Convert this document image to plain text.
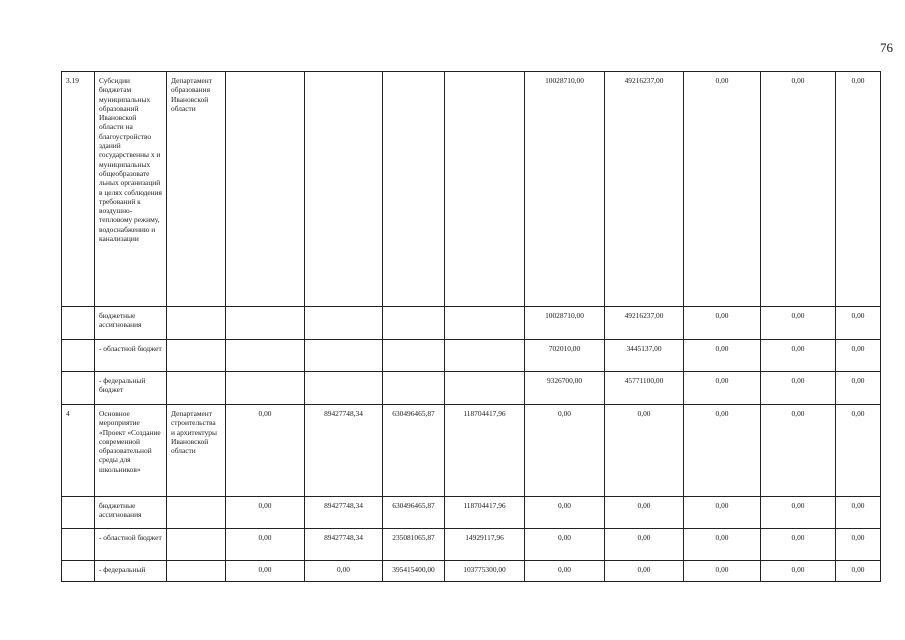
76
3.19	Субсидии бюджетам муниципальных образований Ивановской области на благоустройство зданий государственны х и муниципальных общеобразовате льных организаций в целях соблюдения требований к воздушно-тепловому режиму, водоснабжению и канализации	Департамент образования Ивановской области					10028710,00	49216237,00	0,00	0,00	0,00
	бюджетные ассигнования						10028710,00	49216237,00	0,00	0,00	0,00
	- областной бюджет						702010,00	3445137,00	0,00	0,00	0,00
	- федеральный бюджет						9326700,00	45771100,00	0,00	0,00	0,00
4	Основное мероприятие «Проект «Создание современной образовательной среды для школьников»	Департамент строительства и архитектуры Ивановской области	0,00	89427748,34	630496465,87	118704417,96	0,00	0,00	0,00	0,00	0,00
	бюджетные ассигнования		0,00	89427748,34	630496465,87	118704417,96	0,00	0,00	0,00	0,00	0,00
	- областной бюджет		0,00	89427748,34	235081065,87	14929117,96	0,00	0,00	0,00	0,00	0,00
	- федеральный		0,00	0,00	395415400,00	103775300,00	0,00	0,00	0,00	0,00	0,00
